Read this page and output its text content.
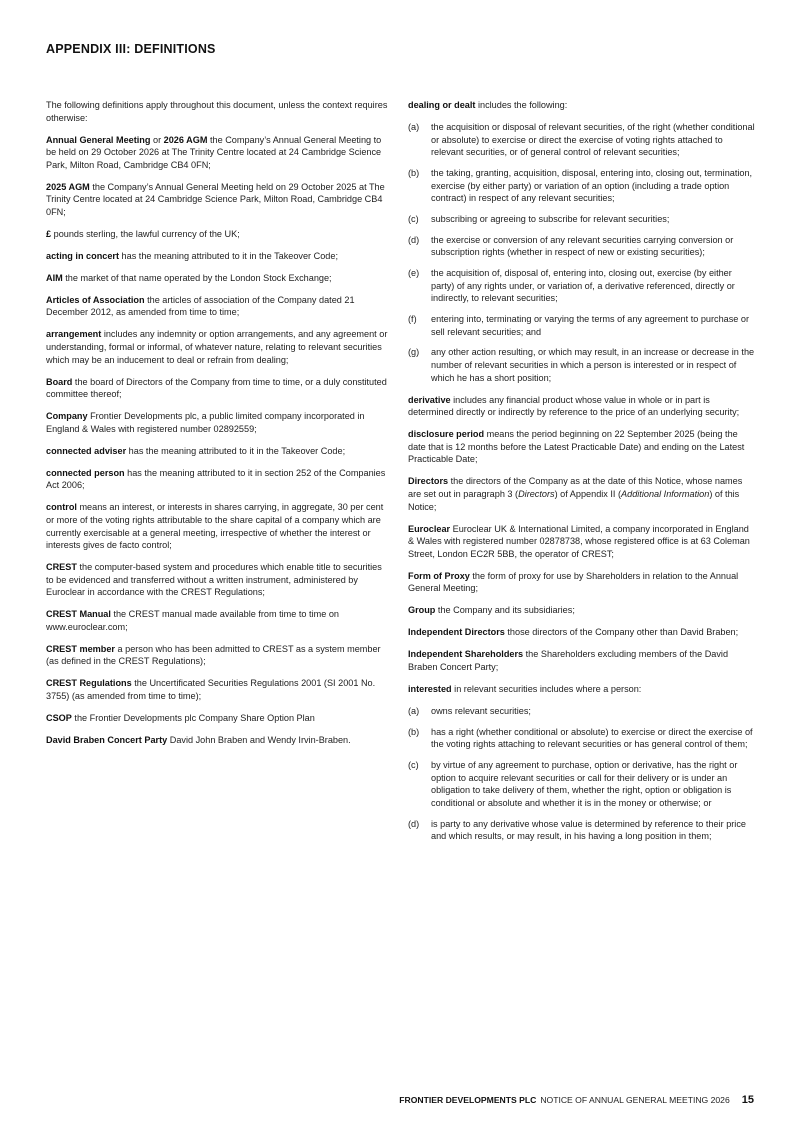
APPENDIX III: DEFINITIONS

The following definitions apply throughout this document, unless the context requires otherwise:

Annual General Meeting or 2026 AGM the Company’s Annual General Meeting to be held on 29 October 2026 at The Trinity Centre located at 24 Cambridge Science Park, Milton Road, Cambridge CB4 0FN;

2025 AGM the Company’s Annual General Meeting held on 29 October 2025 at The Trinity Centre located at 24 Cambridge Science Park, Milton Road, Cambridge CB4 0FN;

£ pounds sterling, the lawful currency of the UK;

acting in concert has the meaning attributed to it in the Takeover Code;

AIM the market of that name operated by the London Stock Exchange;

Articles of Association the articles of association of the Company dated 21 December 2012, as amended from time to time;

arrangement includes any indemnity or option arrangements, and any agreement or understanding, formal or informal, of whatever nature, relating to relevant securities which may be an inducement to deal or refrain from dealing;

Board the board of Directors of the Company from time to time, or a duly constituted committee thereof;

Company Frontier Developments plc, a public limited company incorporated in England & Wales with registered number 02892559;

connected adviser has the meaning attributed to it in the Takeover Code;

connected person has the meaning attributed to it in section 252 of the Companies Act 2006;

control means an interest, or interests in shares carrying, in aggregate, 30 per cent or more of the voting rights attributable to the share capital of a company which are currently exercisable at a general meeting, irrespective of whether the interest or interests gives de facto control;

CREST the computer-based system and procedures which enable title to securities to be evidenced and transferred without a written instrument, administered by Euroclear in accordance with the CREST Regulations;

CREST Manual the CREST manual made available from time to time on www.euroclear.com;

CREST member a person who has been admitted to CREST as a system member (as defined in the CREST Regulations);

CREST Regulations the Uncertificated Securities Regulations 2001 (SI 2001 No. 3755) (as amended from time to time);

CSOP the Frontier Developments plc Company Share Option Plan

David Braben Concert Party David John Braben and Wendy Irvin-Braben.

dealing or dealt includes the following:

(a)	the acquisition or disposal of relevant securities, of the right (whether conditional or absolute) to exercise or direct the exercise of voting rights attached to relevant securities, or of general control of relevant securities;
(b)	the taking, granting, acquisition, disposal, entering into, closing out, termination, exercise (by either party) or variation of an option (including a trade option contract) in respect of any relevant securities;
(c)	subscribing or agreeing to subscribe for relevant securities;
(d)	the exercise or conversion of any relevant securities carrying conversion or subscription rights (whether in respect of new or existing securities);
(e)	the acquisition of, disposal of, entering into, closing out, exercise (by either party) of any rights under, or variation of, a derivative referenced, directly or indirectly, to relevant securities;
(f)	entering into, terminating or varying the terms of any agreement to purchase or sell relevant securities; and
(g)	any other action resulting, or which may result, in an increase or decrease in the number of relevant securities in which a person is interested or in respect of which he has a short position;

derivative includes any financial product whose value in whole or in part is determined directly or indirectly by reference to the price of an underlying security;

disclosure period means the period beginning on 22 September 2025 (being the date that is 12 months before the Latest Practicable Date) and ending on the Latest Practicable Date;

Directors the directors of the Company as at the date of this Notice, whose names are set out in paragraph 3 (Directors) of Appendix II (Additional Information) of this Notice;

Euroclear Euroclear UK & International Limited, a company incorporated in England & Wales with registered number 02878738, whose registered office is at 63 Coleman Street, London EC2R 5BB, the operator of CREST;

Form of Proxy the form of proxy for use by Shareholders in relation to the Annual General Meeting;

Group the Company and its subsidiaries;

Independent Directors those directors of the Company other than David Braben;

Independent Shareholders the Shareholders excluding members of the David Braben Concert Party;

interested in relevant securities includes where a person:

(a)	owns relevant securities;
(b)	has a right (whether conditional or absolute) to exercise or direct the exercise of the voting rights attaching to relevant securities or has general control of them;
(c)	by virtue of any agreement to purchase, option or derivative, has the right or option to acquire relevant securities or call for their delivery or is under an obligation to take delivery of them, whether the right, option or obligation is conditional or absolute and whether it is in the money or otherwise; or
(d)	is party to any derivative whose value is determined by reference to their price and which results, or may result, in his having a long position in them;
FRONTIER DEVELOPMENTS PLC NOTICE OF ANNUAL GENERAL MEETING 2026 15
